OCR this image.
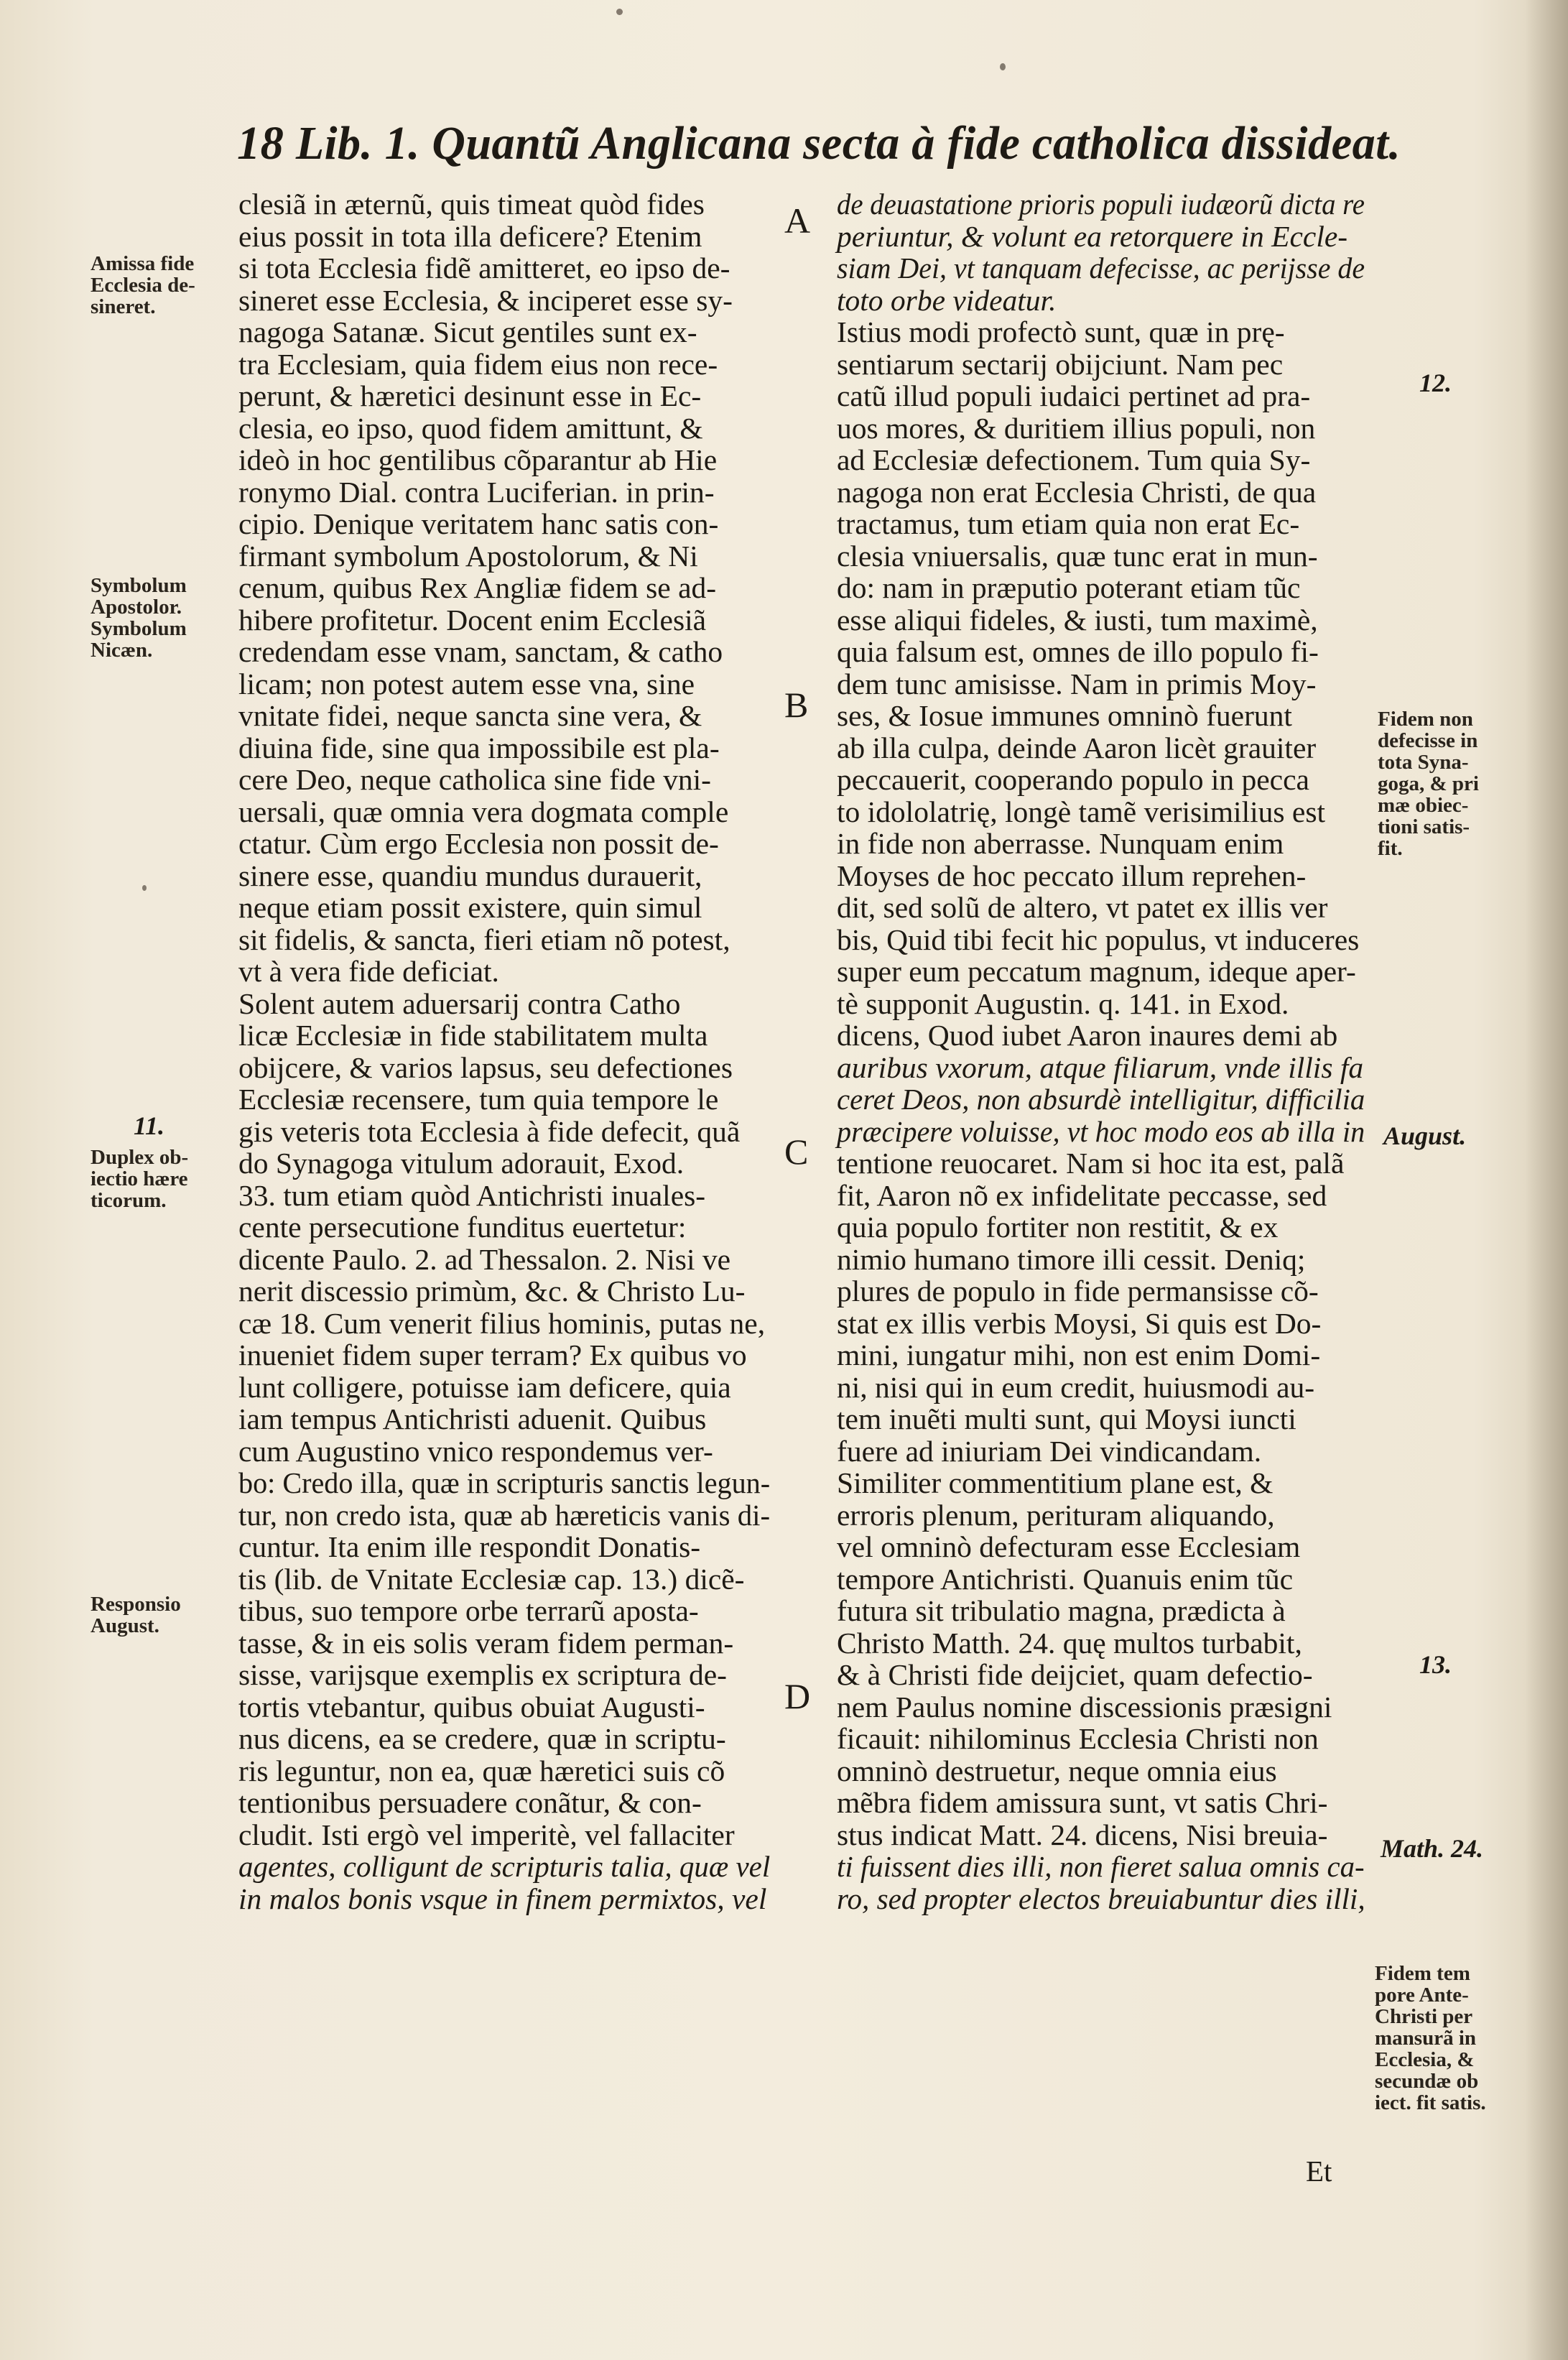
18 Lib. 1. Quantũ Anglicana secta à fide catholica dissideat.
clesiã in æternũ, quis timeat quòd fides
eius possit in tota illa deficere? Etenim
si tota Ecclesia fidẽ amitteret, eo ipso de-
sineret esse Ecclesia, & inciperet esse sy-
nagoga Satanæ. Sicut gentiles sunt ex-
tra Ecclesiam, quia fidem eius non rece-
perunt, & hæretici desinunt esse in Ec-
clesia, eo ipso, quod fidem amittunt, &
ideò in hoc gentilibus cõparantur ab Hie
ronymo Dial. contra Luciferian. in prin-
cipio. Denique veritatem hanc satis con-
firmant symbolum Apostolorum, & Ni
cenum, quibus Rex Angliæ fidem se ad-
hibere profitetur. Docent enim Ecclesiã
credendam esse vnam, sanctam, & catho
licam; non potest autem esse vna, sine
vnitate fidei, neque sancta sine vera, &
diuina fide, sine qua impossibile est pla-
cere Deo, neque catholica sine fide vni-
uersali, quæ omnia vera dogmata comple
ctatur. Cùm ergo Ecclesia non possit de-
sinere esse, quandiu mundus durauerit,
neque etiam possit existere, quin simul
sit fidelis, & sancta, fieri etiam nõ potest,
vt à vera fide deficiat.
Solent autem aduersarij contra Catho
licæ Ecclesiæ in fide stabilitatem multa
obijcere, & varios lapsus, seu defectiones
Ecclesiæ recensere, tum quia tempore le
gis veteris tota Ecclesia à fide defecit, quã
do Synagoga vitulum adorauit, Exod.
33. tum etiam quòd Antichristi inuales-
cente persecutione funditus euertetur:
dicente Paulo. 2. ad Thessalon. 2. Nisi ve
nerit discessio primùm, &c. & Christo Lu-
cæ 18. Cum venerit filius hominis, putas ne,
inueniet fidem super terram? Ex quibus vo
lunt colligere, potuisse iam deficere, quia
iam tempus Antichristi aduenit. Quibus
cum Augustino vnico respondemus ver-
bo: Credo illa, quæ in scripturis sanctis legun-
tur, non credo ista, quæ ab hæreticis vanis di-
cuntur. Ita enim ille respondit Donatis-
tis (lib. de Vnitate Ecclesiæ cap. 13.) dicẽ-
tibus, suo tempore orbe terrarũ aposta-
tasse, & in eis solis veram fidem perman-
sisse, varijsque exemplis ex scriptura de-
tortis vtebantur, quibus obuiat Augusti-
nus dicens, ea se credere, quæ in scriptu-
ris leguntur, non ea, quæ hæretici suis cõ
tentionibus persuadere conãtur, & con-
cludit. Isti ergò vel imperitè, vel fallaciter
agentes, colligunt de scripturis talia, quæ vel
in malos bonis vsque in finem permixtos, vel
de deuastatione prioris populi iudæorũ dicta re
periuntur, & volunt ea retorquere in Eccle-
siam Dei, vt tanquam defecisse, ac perijsse de
toto orbe videatur.
Istius modi profectò sunt, quæ in prę-
sentiarum sectarij obijciunt. Nam pec
catũ illud populi iudaici pertinet ad pra-
uos mores, & duritiem illius populi, non
ad Ecclesiæ defectionem. Tum quia Sy-
nagoga non erat Ecclesia Christi, de qua
tractamus, tum etiam quia non erat Ec-
clesia vniuersalis, quæ tunc erat in mun-
do: nam in præputio poterant etiam tũc
esse aliqui fideles, & iusti, tum maximè,
quia falsum est, omnes de illo populo fi-
dem tunc amisisse. Nam in primis Moy-
ses, & Iosue immunes omninò fuerunt
ab illa culpa, deinde Aaron licèt grauiter
peccauerit, cooperando populo in pecca
to idololatrię, longè tamẽ verisimilius est
in fide non aberrasse. Nunquam enim
Moyses de hoc peccato illum reprehen-
dit, sed solũ de altero, vt patet ex illis ver
bis, Quid tibi fecit hic populus, vt induceres
super eum peccatum magnum, ideque aper-
tè supponit Augustin. q. 141. in Exod.
dicens, Quod iubet Aaron inaures demi ab
auribus vxorum, atque filiarum, vnde illis fa
ceret Deos, non absurdè intelligitur, difficilia
præcipere voluisse, vt hoc modo eos ab illa in
tentione reuocaret. Nam si hoc ita est, palã
fit, Aaron nõ ex infidelitate peccasse, sed
quia populo fortiter non restitit, & ex
nimio humano timore illi cessit. Deniq;
plures de populo in fide permansisse cõ-
stat ex illis verbis Moysi, Si quis est Do-
mini, iungatur mihi, non est enim Domi-
ni, nisi qui in eum credit, huiusmodi au-
tem inuẽti multi sunt, qui Moysi iuncti
fuere ad iniuriam Dei vindicandam.
Similiter commentitium plane est, &
erroris plenum, perituram aliquando,
vel omninò defecturam esse Ecclesiam
tempore Antichristi. Quanuis enim tũc
futura sit tribulatio magna, prædicta à
Christo Matth. 24. quę multos turbabit,
& à Christi fide deijciet, quam defectio-
nem Paulus nomine discessionis præsigni
ficauit: nihilominus Ecclesia Christi non
omninò destruetur, neque omnia eius
mẽbra fidem amissura sunt, vt satis Chri-
stus indicat Matt. 24. dicens, Nisi breuia-
ti fuissent dies illi, non fieret salua omnis ca-
ro, sed propter electos breuiabuntur dies illi,
Et
Amissa fide
Ecclesia de-
sineret.
Symbolum
Apostolor.
Symbolum
Nicæn.
11.
Duplex ob-
iectio hære
ticorum.
Responsio
August.
12.
Fidem non
defecisse in
tota Syna-
goga, & pri
mæ obiec-
tioni satis-
fit.
August.
13.
Math. 24.
Fidem tem
pore Ante-
Christi per
mansurã in
Ecclesia, &
secundæ ob
iect. fit satis.
A
B
C
D
